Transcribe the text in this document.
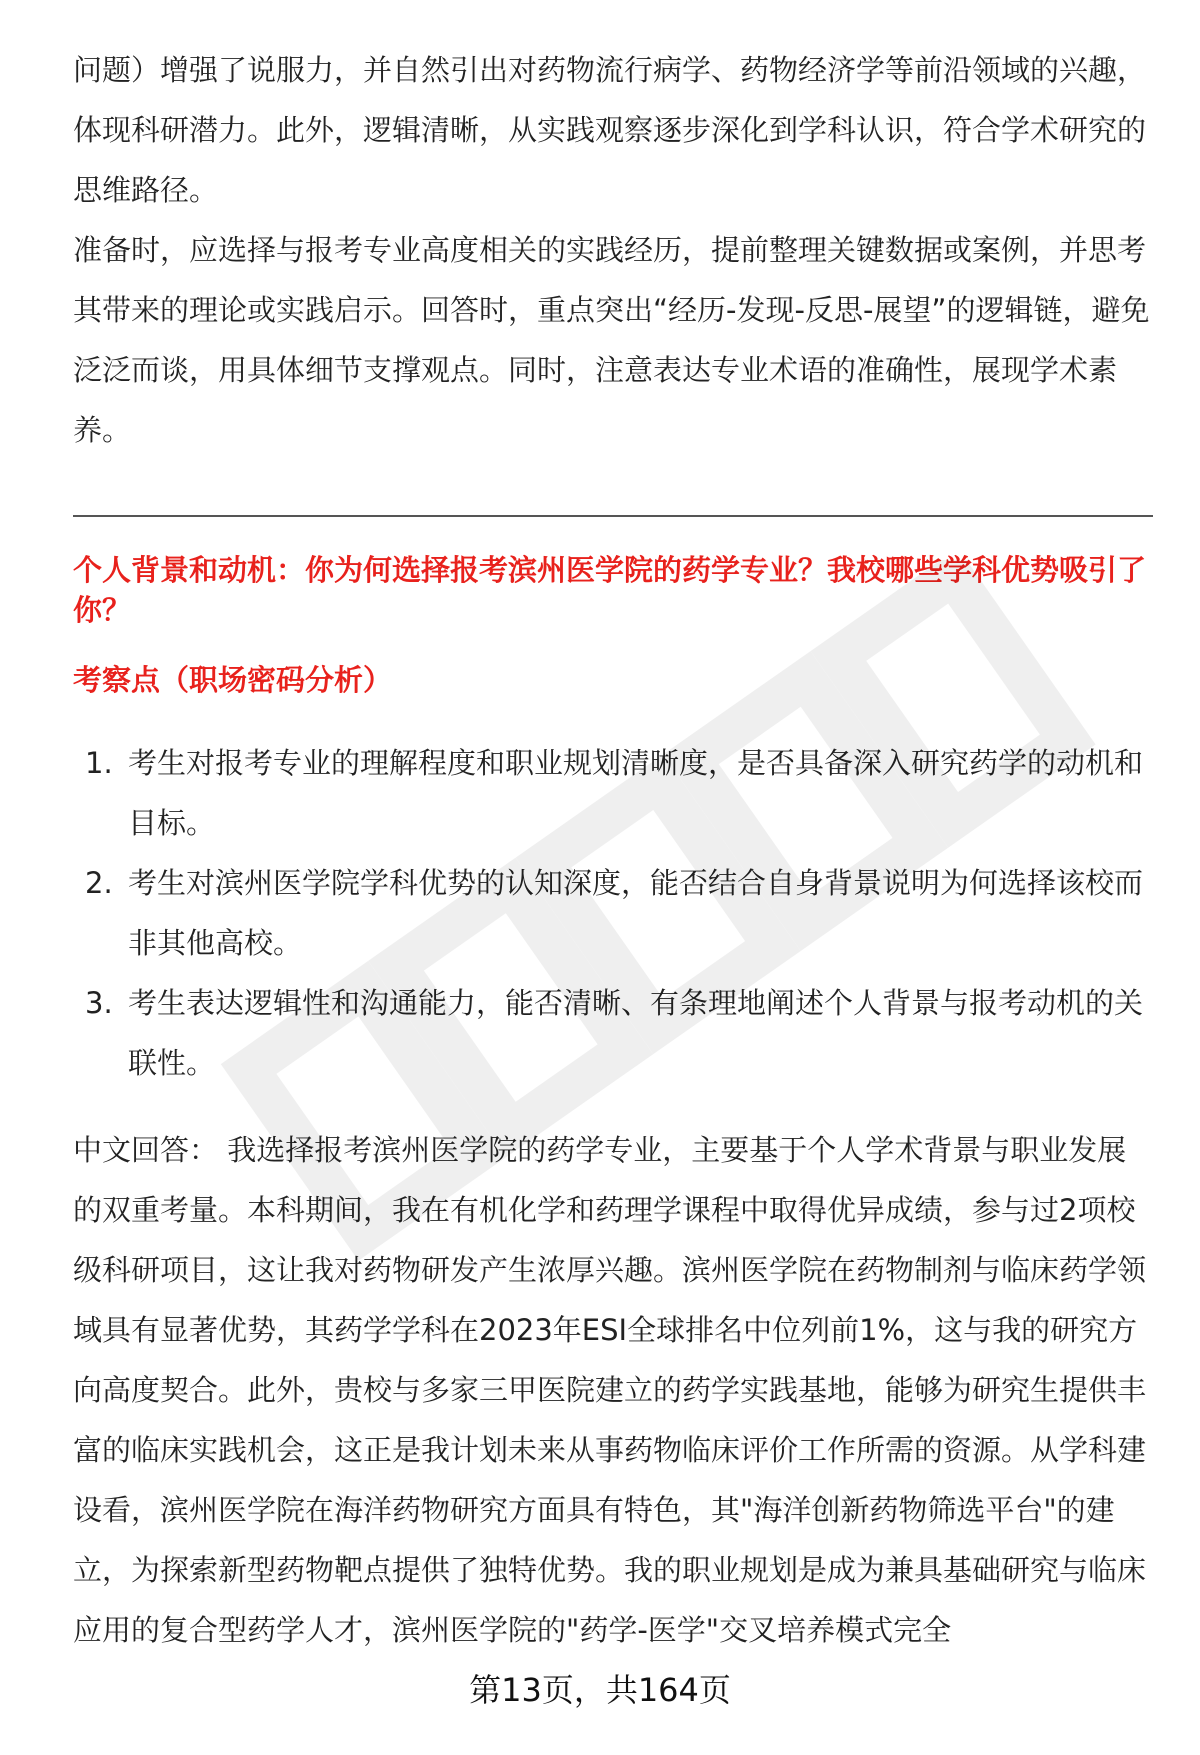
问题）增强了说服力，并自然引出对药物流行病学、药物经济学等前沿领域的兴趣，体现科研潜力。此外，逻辑清晰，从实践观察逐步深化到学科认识，符合学术研究的思维路径。

准备时，应选择与报考专业高度相关的实践经历，提前整理关键数据或案例，并思考其带来的理论或实践启示。回答时，重点突出“经历-发现-反思-展望”的逻辑链，避免泛泛而谈，用具体细节支撑观点。同时，注意表达专业术语的准确性，展现学术素养。

个人背景和动机：你为何选择报考滨州医学院的药学专业？我校哪些学科优势吸引了你？

考察点（职场密码分析）

1. 考生对报考专业的理解程度和职业规划清晰度，是否具备深入研究药学的动机和目标。
2. 考生对滨州医学院学科优势的认知深度，能否结合自身背景说明为何选择该校而非其他高校。
3. 考生表达逻辑性和沟通能力，能否清晰、有条理地阐述个人背景与报考动机的关联性。

中文回答： 我选择报考滨州医学院的药学专业，主要基于个人学术背景与职业发展的双重考量。本科期间，我在有机化学和药理学课程中取得优异成绩，参与过2项校级科研项目，这让我对药物研发产生浓厚兴趣。滨州医学院在药物制剂与临床药学领域具有显著优势，其药学学科在2023年ESI全球排名中位列前1%，这与我的研究方向高度契合。此外，贵校与多家三甲医院建立的药学实践基地，能够为研究生提供丰富的临床实践机会，这正是我计划未来从事药物临床评价工作所需的资源。从学科建设看，滨州医学院在海洋药物研究方面具有特色，其"海洋创新药物筛选平台"的建立，为探索新型药物靶点提供了独特优势。我的职业规划是成为兼具基础研究与临床应用的复合型药学人才，滨州医学院的"药学-医学"交叉培养模式完全

第13页，共164页
